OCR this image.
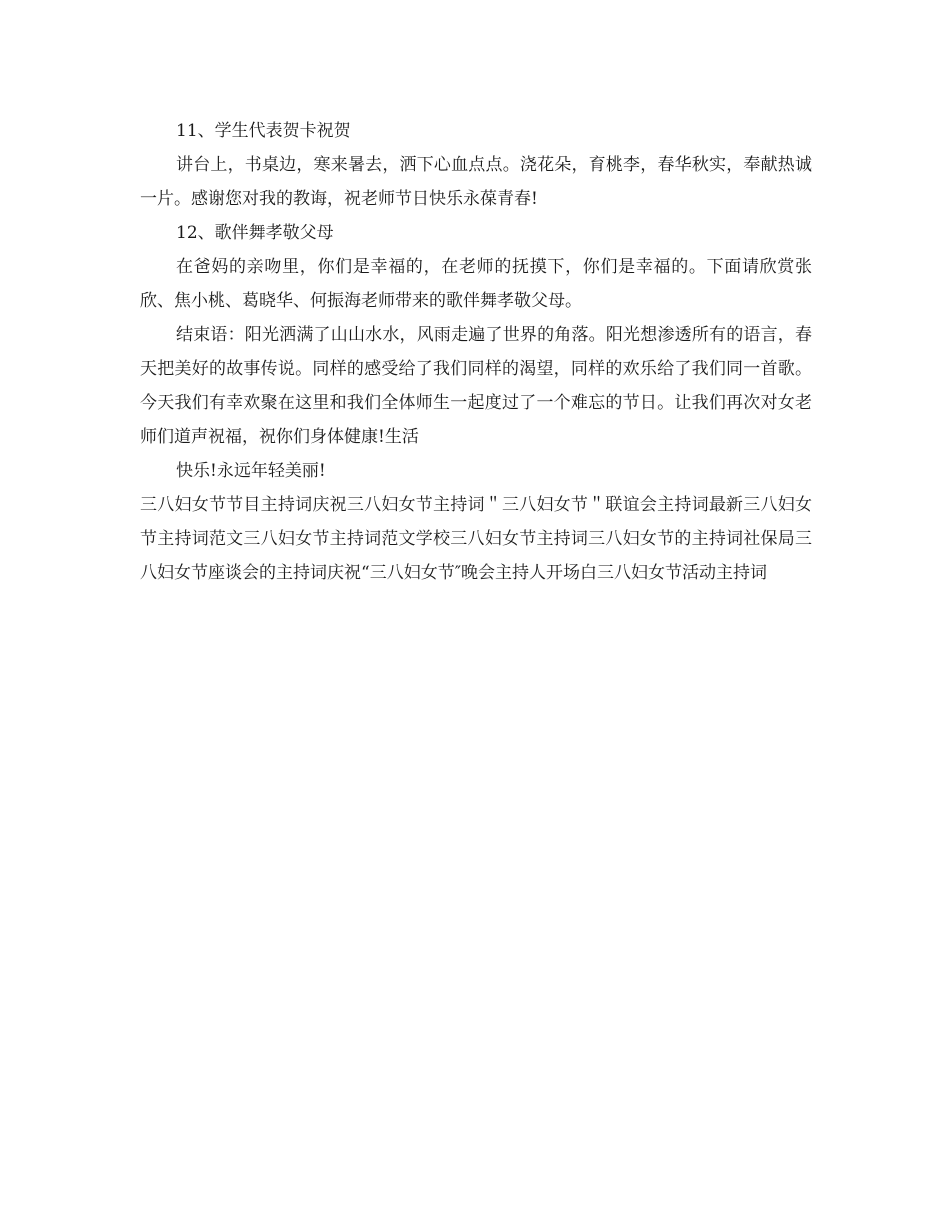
11、学生代表贺卡祝贺

讲台上，书桌边，寒来暑去，洒下心血点点。浇花朵，育桃李，春华秋实，奉献热诚一片。感谢您对我的教诲，祝老师节日快乐永葆青春!

12、歌伴舞孝敬父母

在爸妈的亲吻里，你们是幸福的，在老师的抚摸下，你们是幸福的。下面请欣赏张欣、焦小桃、葛晓华、何振海老师带来的歌伴舞孝敬父母。

结束语：阳光洒满了山山水水，风雨走遍了世界的角落。阳光想渗透所有的语言，春天把美好的故事传说。同样的感受给了我们同样的渴望，同样的欢乐给了我们同一首歌。今天我们有幸欢聚在这里和我们全体师生一起度过了一个难忘的节日。让我们再次对女老师们道声祝福，祝你们身体健康!生活

快乐!永远年轻美丽!

三八妇女节节目主持词庆祝三八妇女节主持词＂三八妇女节＂联谊会主持词最新三八妇女节主持词范文三八妇女节主持词范文学校三八妇女节主持词三八妇女节的主持词社保局三八妇女节座谈会的主持词庆祝“三八妇女节″晚会主持人开场白三八妇女节活动主持词
